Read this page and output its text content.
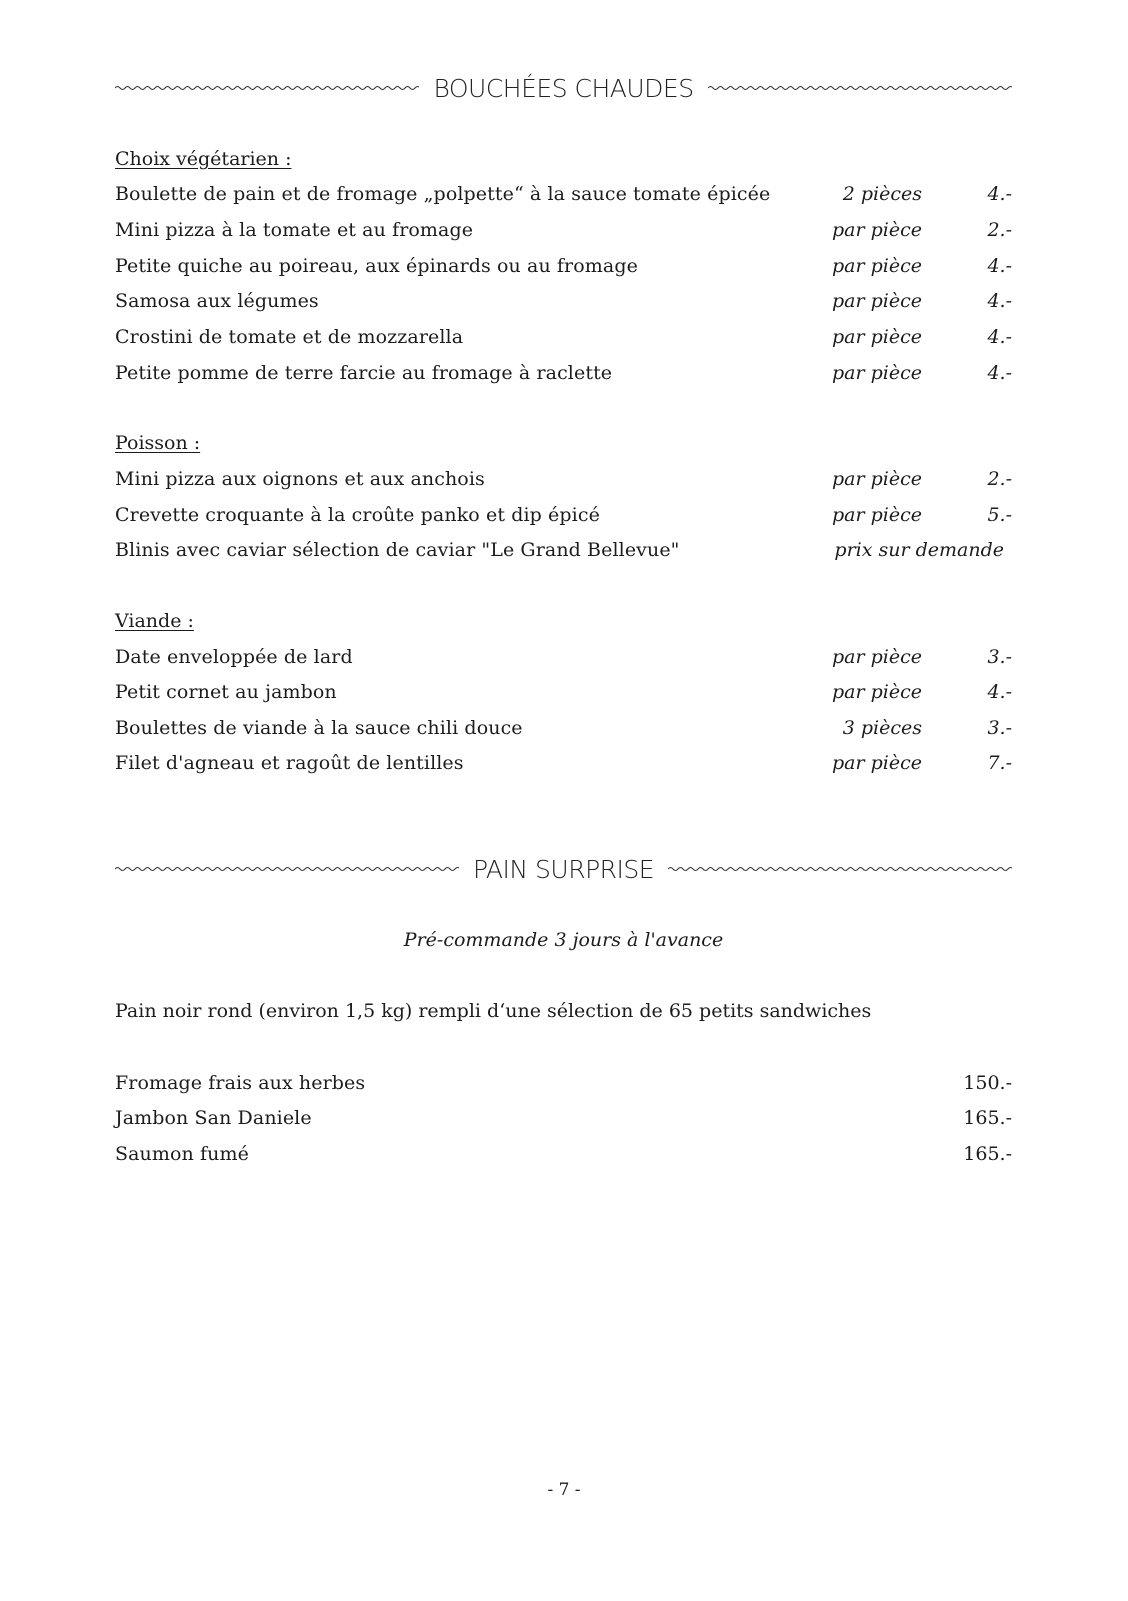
BOUCHÉES CHAUDES
Choix végétarien :
Boulette de pain et de fromage „polpette“ à la sauce tomate épicée	2 pièces	4.-
Mini pizza à la tomate et au fromage	par pièce	2.-
Petite quiche au poireau, aux épinards ou au fromage	par pièce	4.-
Samosa aux légumes	par pièce	4.-
Crostini de tomate et de mozzarella	par pièce	4.-
Petite pomme de terre farcie au fromage à raclette	par pièce	4.-
Poisson :
Mini pizza aux oignons et aux anchois	par pièce	2.-
Crevette croquante à la croûte panko et dip épicé	par pièce	5.-
Blinis avec caviar sélection de caviar "Le Grand Bellevue"	prix sur demande
Viande :
Date enveloppée de lard	par pièce	3.-
Petit cornet au jambon	par pièce	4.-
Boulettes de viande à la sauce chili douce	3 pièces	3.-
Filet d'agneau et ragoût de lentilles	par pièce	7.-
PAIN SURPRISE
Pré-commande 3 jours à l'avance
Pain noir rond (environ 1,5 kg) rempli d‘une sélection de 65 petits sandwiches
Fromage frais aux herbes	150.-
Jambon San Daniele	165.-
Saumon fumé	165.-
- 7 -
